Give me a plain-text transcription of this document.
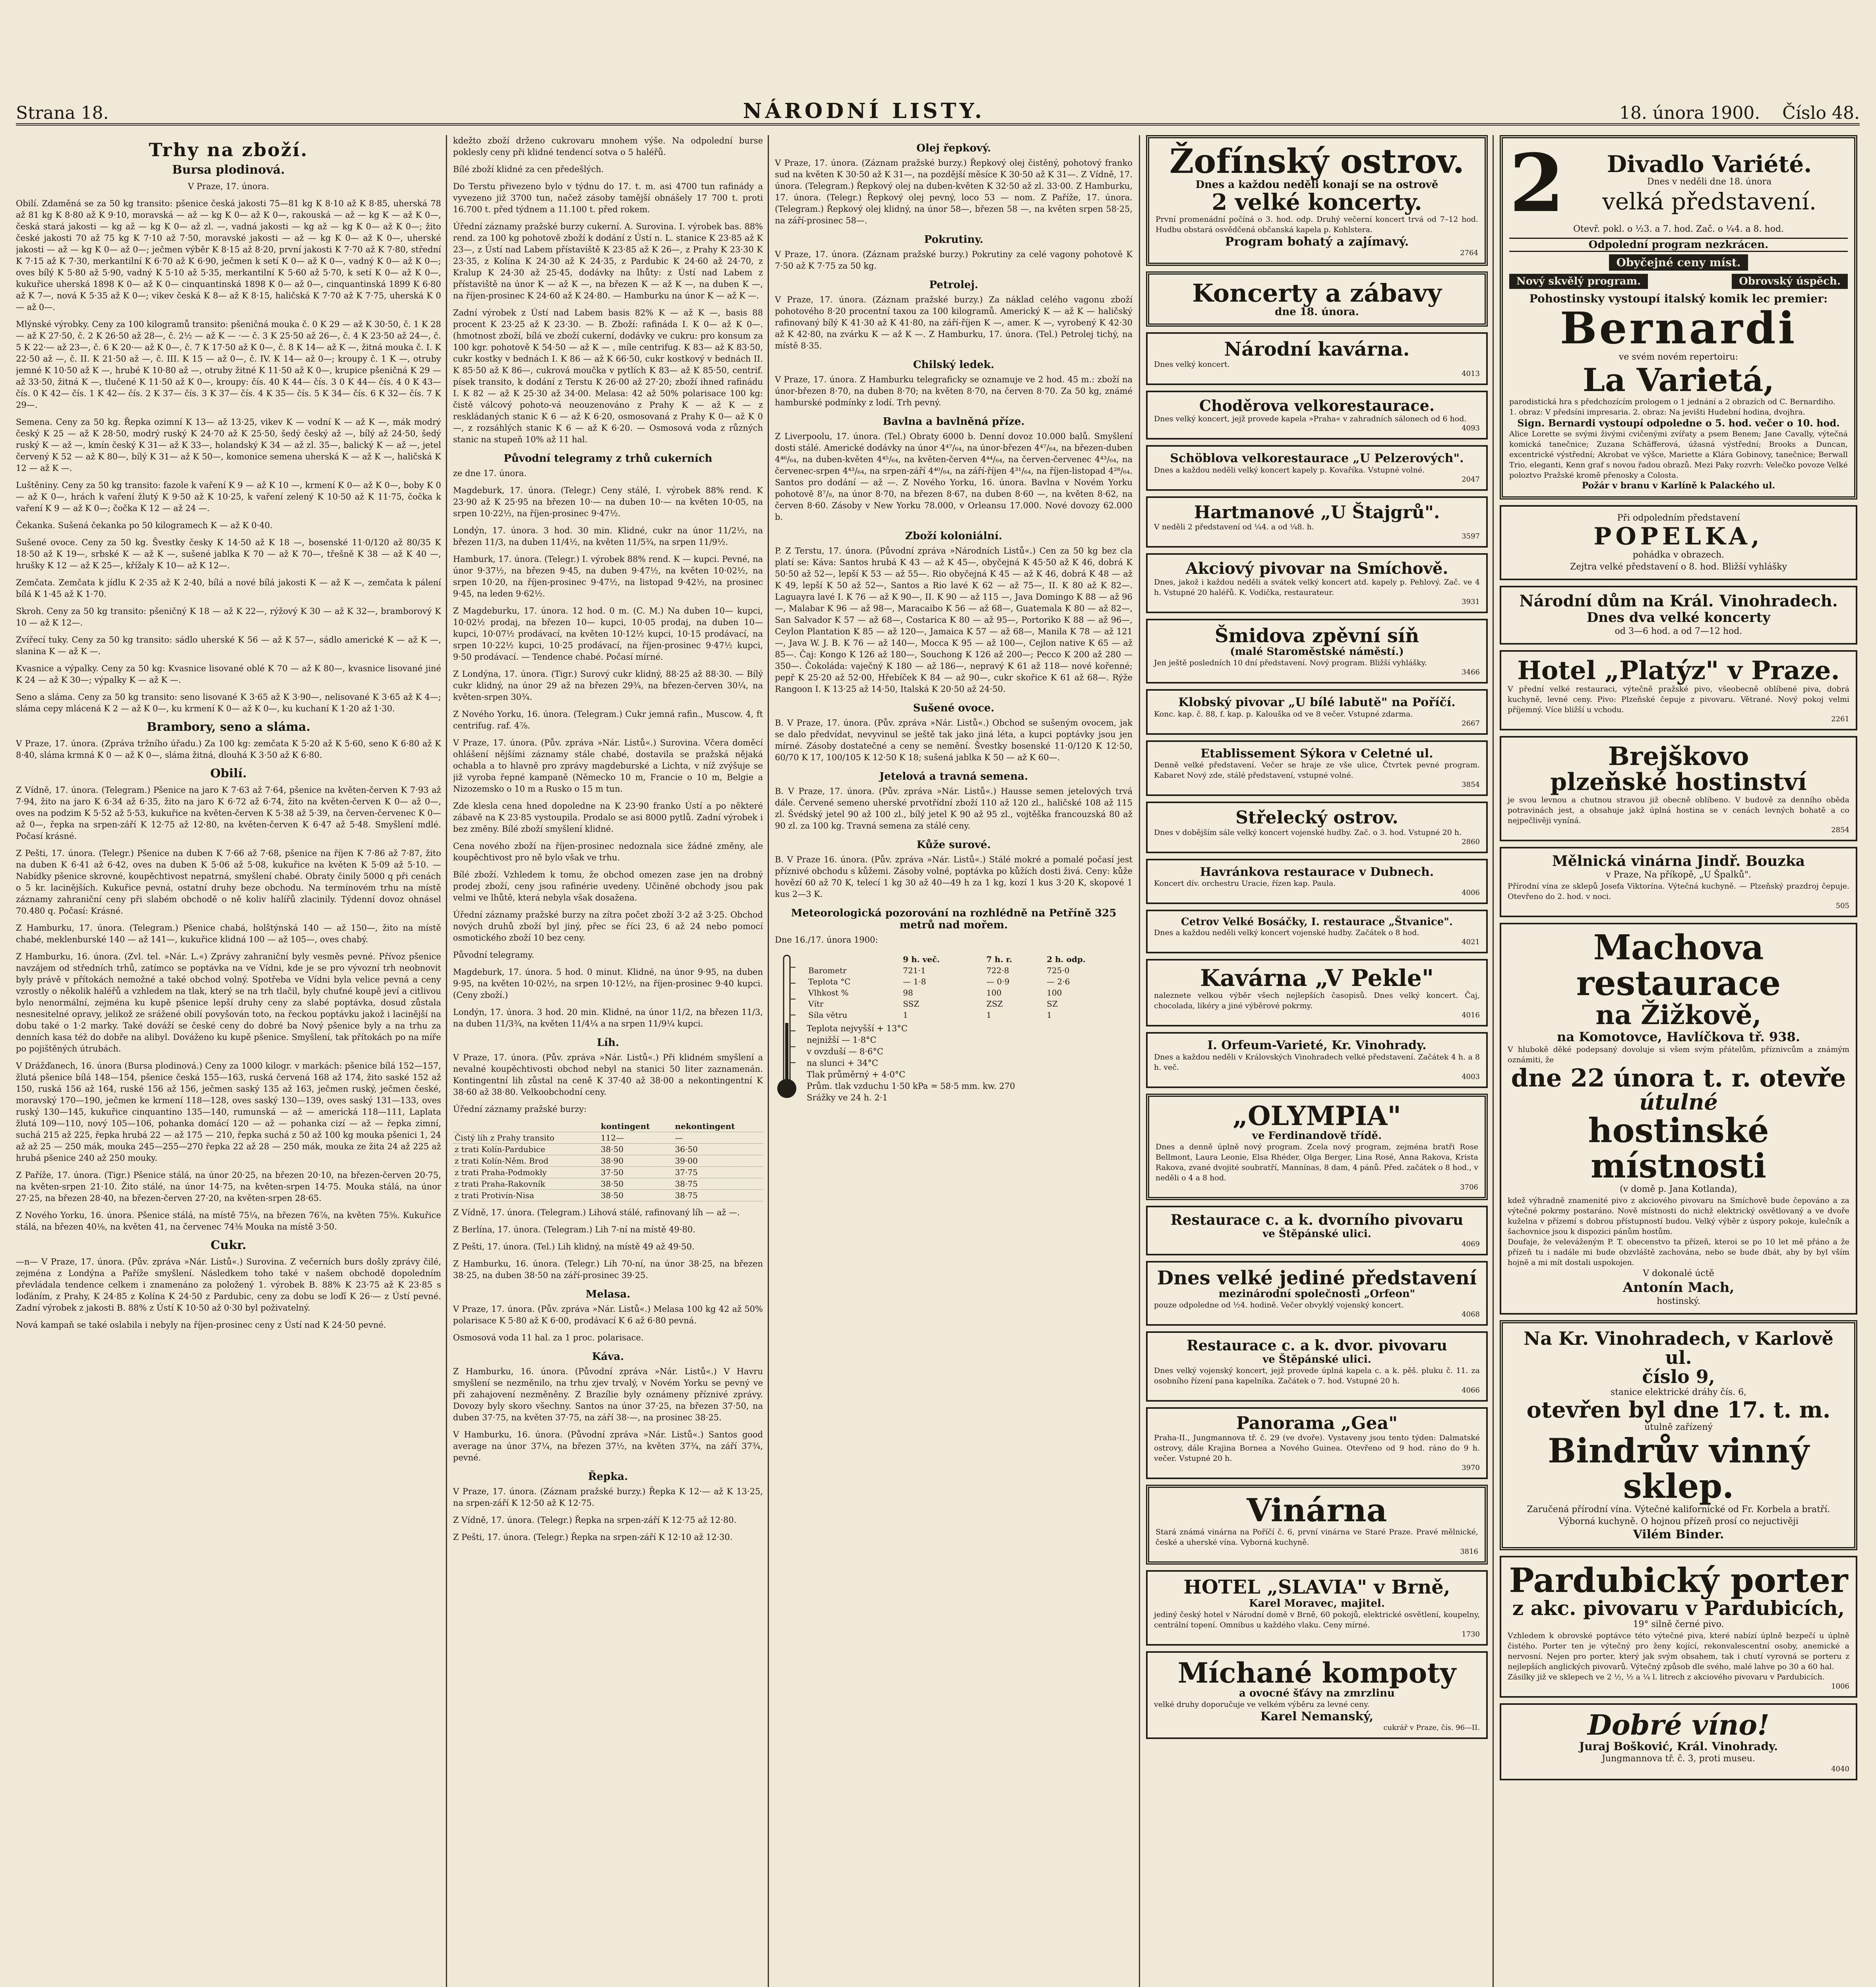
Strana 18.	NÁRODNÍ LISTY.	18. února 1900. Číslo 48.
Trhy na zboží.
Bursa plodinová.
V Praze, 17. února.
Obilí. Zdaměná se za 50 kg transito: pšenice česká jakosti 75—81 kg K 8·10 až K 8·85, uherská 78 až 81 kg K 8·80 až K 9·10, moravská — až — kg K 0— až K 0—, rakouská — až — kg K — až K 0—, česká stará jakosti — kg až — kg K 0— až zl. —, vadná jakosti — kg až — kg K 0— až K 0—; žito české jakosti 70 až 75 kg K 7·10 až 7·50, moravské jakosti — až — kg K 0— až K 0—, uherské jakosti — až — kg K 0— až 0—; ječmen výběr K 8·15 až 8·20, první jakosti K 7·70 až K 7·80, střední K 7·15 až K 7·30, merkantilní K 6·70 až K 6·90, ječmen k setí K 0— až K 0—, vadný K 0— až K 0—; oves bílý K 5·80 až 5·90, vadný K 5·10 až 5·35, merkantilní K 5·60 až 5·70, k setí K 0— až K 0—, kukuřice uherská 1898 K 0— až K 0— cinquantinská 1898 K 0— až 0—, cinquantinská 1899 K 6·80 až K 7—, nová K 5·35 až K 0—; vikev česká K 8— až K 8·15, haličská K 7·70 až K 7·75, uherská K 0— až 0—.
Mlýnské výrobky. Ceny za 100 kilogramů transito: pšeničná mouka č. 0 K 29 — až K 30·50, č. 1 K 28 — až K 27·50, č. 2 K 26·50 až 28—, č. 2½ — až K — ·— č. 3 K 25·50 až 26—, č. 4 K 23·50 až 24—, č. 5 K 22·— až 23—, č. 6 K 20·— až K 0—, č. 7 K 17·50 až K 0—, č. 8 K 14— až K —, žitná mouka č. I. K 22·50 až —, č. II. K 21·50 až —, č. III. K 15 — až 0—, č. IV. K 14— až 0—; kroupy č. 1 K —, otruby jemné K 10·50 až K —, hrubé K 10·80 až —, otruby žitné K 11·50 až K 0—, krupice pšeničná K 29 — až 33·50, žitná K —, tlučené K 11·50 až K 0—, kroupy: čís. 40 K 44— čís. 3 0 K 44— čís. 4 0 K 43— čís. 0 K 42— čís. 1 K 42— čís. 2 K 37— čís. 3 K 37— čís. 4 K 35— čís. 5 K 34— čís. 6 K 32— čís. 7 K 29—.
Semena. Ceny za 50 kg. Řepka ozimní K 13— až 13·25, vikev K — vodní K — až K —, mák modrý český K 25 — až K 28·50, modrý ruský K 24·70 až K 25·50, šedý český až —, bílý až 24·50, šedý ruský K — až —, kmín český K 31— až K 33—, holandský K 34 — až zl. 35—, balický K — až —, jetel červený K 52 — až K 80—, bílý K 31— až K 50—, komonice semena uherská K — až K —, haličská K 12 — až K —.
Luštěniny. Ceny za 50 kg transito: fazole k vaření K 9 — až K 10 —, krmení K 0— až K 0—, boby K 0— až K 0—, hrách k vaření žlutý K 9·50 až K 10·25, k vaření zelený K 10·50 až K 11·75, čočka k vaření K 9 — až K 0—; čočka K 12 — až 24 —.
Čekanka. Sušená čekanka po 50 kilogramech K — až K 0·40.
Sušené ovoce. Ceny za 50 kg. Švestky česky K 14·50 až K 18 —, bosenské 11·0/120 až 80/35 K 18·50 až K 19—, srbské K — až K —, sušené jablka K 70 — až K 70—, třešně K 38 — až K 40 —, hrušky K 12 — až K 25—, křížaly K 10— až K 12—.
Zemčata. Zemčata k jídlu K 2·35 až K 2·40, bílá a nové bílá jakosti K — až K —, zemčata k pálení bílá K 1·45 až K 1·70.
Skroh. Ceny za 50 kg transito: pšeničný K 18 — až K 22—, rýžový K 30 — až K 32—, bramborový K 10 — až K 12—.
Zvířecí tuky. Ceny za 50 kg transito: sádlo uherské K 56 — až K 57—, sádlo americké K — až K —, slanina K — až K —.
Kvasnice a výpalky. Ceny za 50 kg: Kvasnice lisované oblé K 70 — až K 80—, kvasnice lisované jiné K 24 — až K 30—; výpalky K — až K —.
Seno a sláma. Ceny za 50 kg transito: seno lisované K 3·65 až K 3·90—, nelisované K 3·65 až K 4—; sláma cepy mlácená K 2 — až K 0—, ku krmení K 0— až K 0—, ku kuchaní K 1·20 až 1·30.
Brambory, seno a sláma.
V Praze, 17. února. (Zpráva tržního úřadu.) Za 100 kg: zemčata K 5·20 až K 5·60, seno K 6·80 až K 8·40, sláma krmná K 0 — až K 0—, sláma žitná, dlouhá K 3·50 až K 6·80.
Obilí.
Z Vídně, 17. února. (Telegram.) Pšenice na jaro K 7·63 až 7·64, pšenice na květen-červen K 7·93 až 7·94, žito na jaro K 6·34 až 6·35, žito na jaro K 6·72 až 6·74, žito na květen-červen K 0— až 0—, oves na podzim K 5·52 až 5·53, kukuřice na květen-červen K 5·38 až 5·39, na červen-červenec K 0— až 0—, řepka na srpen-září K 12·75 až 12·80, na květen-červen K 6·47 až 5·48. Smyšlení mdlé. Počasí krásné.
Z Pešti, 17. února. (Telegr.) Pšenice na duben K 7·66 až 7·68, pšenice na říjen K 7·86 až 7·87, žito na duben K 6·41 až 6·42, oves na duben K 5·06 až 5·08, kukuřice na květen K 5·09 až 5·10. — Nabídky pšenice skrovné, koupěchtivost nepatrná, smyšlení chabé. Obraty činily 5000 q při cenách o 5 kr. lacinějších. Kukuřice pevná, ostatní druhy beze obchodu. Na termínovém trhu na místě záznamy zahraniční ceny při slabém obchodě o ně koliv halířů zlacinily. Týdenní dovoz ohnásel 70.480 q. Počasí: Krásné.
Z Hamburku, 17. února. (Telegram.) Pšenice chabá, holštýnská 140 — až 150—, žito na místě chabé, meklenburské 140 — až 141—, kukuřice klidná 100 — až 105—, oves chabý.
Z Hamburku, 16. února. (Zvl. tel. »Nár. L.«) Zprávy zahraniční byly vesměs pevné. Přívoz pšenice navzájem od středních trhů, zatímco se poptávka na ve Vídni, kde je se pro vývozní trh neobnovit byly právě v přítokách nemožné a také obchod volný. Spotřeba ve Vídni byla velice pevná a ceny vzrostly o několik haléřů a vzhledem na tlak, který se na trh tlačil, byly chuťné koupě jeví a citlivou bylo nenormální, zejména ku kupě pšenice lepší druhy ceny za slabé poptávka, dosud zůstala nesnesitelné opravy, jelikož ze srážené obilí povyšován toto, na řeckou poptávku jakož i lacinější na dobu také o 1·2 marky. Také dováží se české ceny do dobré ba Nový pšenice byly a na trhu za denních kasa též do dobře na alibyl. Dováženo ku kupě pšenice. Smyšlení, tak přítokách po na míře po pojištěných útrubách.
V Drážďanech, 16. února (Bursa plodinová.) Ceny za 1000 kilogr. v markách: pšenice bílá 152—157, žlutá pšenice bílá 148—154, pšenice česká 155—163, ruská červená 168 až 174, žito saské 152 až 150, ruská 156 až 164, ruské 156 až 156, ječmen saský 135 až 163, ječmen ruský, ječmen české, moravský 170—190, ječmen ke krmení 118—128, oves saský 130—139, oves saský 131—133, oves ruský 130—145, kukuřice cinquantino 135—140, rumunská — až — americká 118—111, Laplata žlutá 109—110, nový 105—106, pohanka domácí 120 — až — pohanka cizí — až — řepka zimní, suchá 215 až 225, řepka hrubá 22 — až 175 — 210, řepka suchá z 50 až 100 kg mouka pšenici 1, 24 až až 25 — 250 mák, mouka 245—255—270 řepka 22 až 28 — 250 mák, mouka ze žita 24 až 225 až hrubá pšenice 240 až 250 mouky.
Z Paříže, 17. února. (Tigr.) Pšenice stálá, na únor 20·25, na březen 20·10, na březen-červen 20·75, na květen-srpen 21·10. Žito stálé, na únor 14·75, na květen-srpen 14·75. Mouka stálá, na únor 27·25, na březen 28·40, na březen-červen 27·20, na květen-srpen 28·65.
Z Nového Yorku, 16. února. Pšenice stálá, na místě 75¼, na březen 76⅞, na květen 75⅝. Kukuřice stálá, na březen 40⅛, na květen 41, na červenec 74⅜ Mouka na místě 3·50.
Cukr.
—n— V Praze, 17. února. (Pův. zpráva »Nár. Listů«.) Surovina. Z večerních burs došly zprávy čilé, zejména z Londýna a Paříže smyšlení. Následkem toho také v našem obchodě dopoledním převládala tendence celkem i znamenáno za položený 1. výrobek B. 88% K 23·75 až K 23·85 s loďáním, z Prahy, K 24·85 z Kolína K 24·50 z Pardubic, ceny za dobu se loďí K 26·— z Ústí pevné. Zadní výrobek z jakosti B. 88% z Ústí K 10·50 až 0·30 byl poživatelný.
Nová kampaň se také oslabila i nebyly na říjen-prosinec ceny z Ústí nad K 24·50 pevné.
kdežto zboží drženo cukrovaru mnohem výše. Na odpolední burse poklesly ceny při klidné tendencí sotva o 5 haléřů.
Bílé zboží klidné za cen předešlých.
Do Terstu přivezeno bylo v týdnu do 17. t. m. asi 4700 tun rafinády a vyvezeno již 3700 tun, načež zásoby tamější obnášely 17 700 t. proti 16.700 t. před týdnem a 11.100 t. před rokem.
Úřední záznamy pražské burzy cukerní. A. Surovina. I. výrobek bas. 88% rend. za 100 kg pohotově zboží k dodání z Ústí n. L. stanice K 23·85 až K 23—, z Ústí nad Labem přístaviště K 23·85 až K 26—, z Prahy K 23·30 K 23·35, z Kolína K 24·30 až K 24·35, z Pardubic K 24·60 až 24·70, z Kralup K 24·30 až 25·45, dodávky na lhůty: z Ústí nad Labem z přístaviště na únor K — až K —, na březen K — až K —, na duben K —, na říjen-prosinec K 24·60 až K 24·80. — Hamburku na únor K — až K —.
Zadní výrobek z Ústí nad Labem basis 82% K — až K —, basis 88 procent K 23·25 až K 23·30. — B. Zboží: rafináda I. K 0— až K 0—. (hmotnost zboží, bílá ve zboží cukerní, dodávky ve cukru: pro konsum za 100 kgr. pohotově K 54·50 — až K — , míle centrifug. K 83— až K 83·50, cukr kostky v bednách I. K 86 — až K 66·50, cukr kostkový v bednách II. K 85·50 až K 86—, cukrová moučka v pytlích K 83— až K 85·50, centrif. písek transito, k dodání z Terstu K 26·00 až 27·20; zboží ihned rafinádu I. K 82 — až K 25·30 až 34·00. Melasa: 42 až 50% polarisace 100 kg: čistě válcový pohoto-vá neouzenováno z Prahy K — až K — z reskládaných stanic K 6 — až K 6·20, osmosovaná z Prahy K 0— až K 0—, z rozsáhlých stanic K 6 — až K 6·20. — Osmosová voda z různých stanic na stupeň 10% až 11 hal.
Původní telegramy z trhů cukerních
ze dne 17. února.
Magdeburk, 17. února. (Telegr.) Ceny stálé, I. výrobek 88% rend. K 23·90 až K 25·95 na březen 10·— na duben 10·— na květen 10·05, na srpen 10·22½, na říjen-prosinec 9·47½.
Londýn, 17. února. 3 hod. 30 min. Klidné, cukr na únor 11/2½, na březen 11/3, na duben 11/4½, na květen 11/5¾, na srpen 11/9½.
Hamburk, 17. února. (Telegr.) I. výrobek 88% rend. K — kupci. Pevné, na únor 9·37½, na březen 9·45, na duben 9·47½, na květen 10·02½, na srpen 10·20, na říjen-prosinec 9·47½, na listopad 9·42½, na prosinec 9·45, na leden 9·62½.
Z Magdeburku, 17. února. 12 hod. 0 m. (C. M.) Na duben 10— kupci, 10·02½ prodaj, na březen 10— kupci, 10·05 prodaj, na duben 10— kupci, 10·07½ prodávací, na květen 10·12½ kupci, 10·15 prodávací, na srpen 10·22½ kupci, 10·25 prodávací, na říjen-prosinec 9·47½ kupci, 9·50 prodávací. — Tendence chabé. Počasí mírné.
Z Londýna, 17. února. (Tigr.) Surový cukr klidný, 88·25 až 88·30. — Bílý cukr klidný, na únor 29 až na březen 29¾, na březen-červen 30¼, na květen-srpen 30¾.
Z Nového Yorku, 16. února. (Telegram.) Cukr jemná rafin., Muscow. 4, ft centrifug. raf. 4⅞.
V Praze, 17. února. (Pův. zpráva »Nár. Listů«.) Surovina. Včera doměcí ohlášení nějšími záznamy stále chabé, dostavila se pražská nějaká ochabla a to hlavně pro zprávy magdeburské a Lichta, v níž zvýšuje se již vyroba řepné kampaně (Německo 10 m, Francie o 10 m, Belgie a Nizozemsko o 10 m a Rusko o 15 m tun.
Zde klesla cena hned dopoledne na K 23·90 franko Ústí a po některé zábavě na K 23·85 vystoupila. Prodalo se asi 8000 pytlů. Zadní výrobek i bez změny. Bílé zboží smyšlení klidné.
Cena nového zboží na říjen-prosinec nedoznala sice žádné změny, ale koupěchtivost pro ně bylo však ve trhu.
Bílé zboží. Vzhledem k tomu, že obchod omezen zase jen na drobný prodej zboží, ceny jsou rafinérie uvedeny. Učiněné obchody jsou pak velmi ve lhůtě, která nebyla však dosažena.
Úřední záznamy pražské burzy na zítra počet zboží 3·2 až 3·25. Obchod nových druhů zboží byl jiný, přec se říci 23, 6 až 24 nebo pomocí osmotického zboží 10 bez ceny.
Původní telegramy.
Magdeburk, 17. února. 5 hod. 0 minut. Klidné, na únor 9·95, na duben 9·95, na květen 10·02½, na srpen 10·12½, na říjen-prosinec 9·40 kupci. (Ceny zboží.)
Londýn, 17. února. 3 hod. 20 min. Klidné, na únor 11/2, na březen 11/3, na duben 11/3¾, na květen 11/4¼ a na srpen 11/9¼ kupci.
Líh.
V Praze, 17. února. (Pův. zpráva »Nár. Listů«.) Při klidném smyšlení a nevalné koupěchtivosti obchod nebyl na stanici 50 liter zaznamenán. Kontingentní lih zůstal na ceně K 37·40 až 38·00 a nekontingentní K 38·60 až 38·80. Velkoobchodní ceny.
Úřední záznamy pražské burzy:
	kontingent	nekontingent
Čistý líh z Prahy transito	112—	—
z trati Kolín-Pardubice	38·50	36·50
z trati Kolín-Něm. Brod	38·90	39·00
z trati Praha-Podmokly	37·50	37·75
z trati Praha-Rakovník	38·50	38·75
z trati Protivín-Nisa	38·50	38·75
Z Vídně, 17. února. (Telegram.) Lihová stálé, rafinovaný líh — až —.
Z Berlína, 17. února. (Telegram.) Lih 7-ní na místě 49·80.
Z Pešti, 17. února. (Tel.) Lih klidný, na místě 49 až 49·50.
Z Hamburku, 16. února. (Telegr.) Lih 70-ní, na únor 38·25, na březen 38·25, na duben 38·50 na září-prosinec 39·25.
Melasa.
V Praze, 17. února. (Pův. zpráva »Nár. Listů«.) Melasa 100 kg 42 až 50% polarisace K 5·80 až K 6·00, prodávací K 6 až 6·80 pevná.
Osmosová voda 11 hal. za 1 proc. polarisace.
Káva.
Z Hamburku, 16. února. (Původní zpráva »Nár. Listů«.) V Havru smyšlení se nezměnilo, na trhu zjev trvalý, v Novém Yorku se pevný ve při zahajovení nezměněny. Z Brazílie byly oznámeny příznivé zprávy. Dovozy byly skoro všechny. Santos na únor 37·25, na březen 37·50, na duben 37·75, na květen 37·75, na září 38·—, na prosinec 38·25.
V Hamburku, 16. února. (Původní zpráva »Nár. Listů«.) Santos good average na únor 37¼, na březen 37½, na květen 37¾, na září 37¾, pevné.
Řepka.
V Praze, 17. února. (Záznam pražské burzy.) Řepka K 12·— až K 13·25, na srpen-září K 12·50 až K 12·75.
Z Vídně, 17. února. (Telegr.) Řepka na srpen-září K 12·75 až 12·80.
Z Pešti, 17. února. (Telegr.) Řepka na srpen-září K 12·10 až 12·30.
Olej řepkový.
V Praze, 17. února. (Záznam pražské burzy.) Řepkový olej čistěný, pohotový franko sud na květen K 30·50 až K 31—, na pozdější měsíce K 30·50 až K 31—. Z Vídně, 17. února. (Telegram.) Řepkový olej na duben-květen K 32·50 až zl. 33·00. Z Hamburku, 17. února. (Telegr.) Řepkový olej pevný, loco 53 — nom. Z Paříže, 17. února. (Telegram.) Řepkový olej klidný, na únor 58—, březen 58 —, na květen srpen 58·25, na září-prosinec 58—.
Pokrutiny.
V Praze, 17. února. (Záznam pražské burzy.) Pokrutiny za celé vagony pohotově K 7·50 až K 7·75 za 50 kg.
Petrolej.
V Praze, 17. února. (Záznam pražské burzy.) Za náklad celého vagonu zboží pohotového 8·20 procentní taxou za 100 kilogramů. Americký K — až K — haličský rafinovaný bílý K 41·30 až K 41·80, na září-říjen K —, amer. K —, vyrobený K 42·30 až K 42·80, na zvárku K — až K —. Z Hamburku, 17. února. (Tel.) Petrolej tichý, na místě 8·35.
Chilský ledek.
V Praze, 17. února. Z Hamburku telegraficky se oznamuje ve 2 hod. 45 m.: zboží na únor-březen 8·70, na duben 8·70; na květen 8·70, na červen 8·70. Za 50 kg, známé hamburské podmínky z lodí. Trh pevný.
Bavlna a bavlněná příze.
Z Liverpoolu, 17. února. (Tel.) Obraty 6000 b. Denní dovoz 10.000 balů. Smyšlení dosti stálé. Americké dodávky na únor 4⁴⁷/₆₄, na únor-březen 4⁴⁷/₆₄, na březen-duben 4⁴⁶/₆₄, na duben-květen 4⁴⁵/₆₄, na květen-červen 4⁴⁴/₆₄, na červen-červenec 4⁴³/₆₄, na červenec-srpen 4⁴³/₆₄, na srpen-září 4⁴⁰/₆₄, na září-říjen 4³¹/₆₄, na říjen-listopad 4²⁸/₆₄. Santos pro dodání — až —. Z Nového Yorku, 16. února. Bavlna v Novém Yorku pohotově 8⁷/₈, na únor 8·70, na březen 8·67, na duben 8·60 —, na květen 8·62, na červen 8·60. Zásoby v New Yorku 78.000, v Orleansu 17.000. Nové dovozy 62.000 b.
Zboží koloniální.
P. Z Terstu, 17. února. (Původní zpráva »Národních Listů«.) Cen za 50 kg bez cla platí se: Káva: Santos hrubá K 43 — až K 45—, obyčejná K 45·50 až K 46, dobrá K 50·50 až 52—, lepší K 53 — až 55—. Rio obyčejná K 45 — až K 46, dobrá K 48 — až K 49, lepší K 50 až 52—, Santos a Rio lavé K 62 — až 75—, II. K 80 až K 82—. Laguayra lavé I. K 76 — až K 90—, II. K 90 — až 115 —, Java Domingo K 88 — až 96—, Malabar K 96 — až 98—, Maracaibo K 56 — až 68—, Guatemala K 80 — až 82—, San Salvador K 57 — až 68—, Costarica K 80 — až 95—, Portoriko K 88 — až 96—, Ceylon Plantation K 85 — až 120—, Jamaica K 57 — až 68—, Manila K 78 — až 121—, Java W. J. B. K 76 — až 140—, Mocca K 95 — až 100—, Cejlon native K 65 — až 85—. Čaj: Kongo K 126 až 180—, Souchong K 126 až 200—; Pecco K 200 až 280 — 350—. Čokoláda: vaječný K 180 — až 186—, nepravý K 61 až 118— nové kořenné; pepř K 25·20 až 52·00, Hřebíček K 84 — až 90—, cukr skořice K 61 až 68—. Rýže Rangoon I. K 13·25 až 14·50, Italská K 20·50 až 24·50.
Sušené ovoce.
B. V Praze, 17. února. (Pův. zpráva »Nár. Listů«.) Obchod se sušeným ovocem, jak se dalo předvídat, nevyvinul se ještě tak jako jiná léta, a kupci poptávky jsou jen mírné. Zásoby dostatečné a ceny se nemění. Švestky bosenské 11·0/120 K 12·50, 60/70 K 17, 100/105 K 12·50 K 18; sušená jablka K 50 — až K 60—.
Jetelová a travná semena.
B. V Praze, 17. února. (Pův. zpráva »Nár. Listů«.) Hausse semen jetelových trvá dále. Červené semeno uherské prvotřídní zboží 110 až 120 zl., haličské 108 až 115 zl. Švédský jetel 90 až 100 zl., bílý jetel K 90 až 95 zl., vojtěška francouzská 80 až 90 zl. za 100 kg. Travná semena za stálé ceny.
Kůže surové.
B. V Praze 16. února. (Pův. zpráva »Nár. Listů«.) Stálé mokré a pomalé počasí jest příznivé obchodu s kůžemi. Zásoby volné, poptávka po kůžích dosti živá. Ceny: kůže hovězí 60 až 70 K, telecí 1 kg 30 až 40—49 h za 1 kg, kozí 1 kus 3·20 K, skopové 1 kus 2—3 K.
Meteorologická pozorování na rozhlédně na Petříně 325 metrů nad mořem.
Dne 16./17. února 1900:
	9 h. več.	7 h. r.	2 h. odp.
Barometr	721·1	722·8	725·0
Teplota °C	— 1·8	— 0·9	— 2·6
Vlhkost %	98	100	100
Vítr	SSZ	ZSZ	SZ
Síla větru	1	1	1
Teplota nejvyšší + 13°C
nejnižší — 1·8°C
v ovzduší — 8·6°C
na slunci + 34°C
Tlak průměrný + 4·0°C
Prům. tlak vzduchu 1·50 kPa = 58·5 mm. kw. 270
Srážky ve 24 h. 2·1
Žofínský ostrov.
Dnes a každou neděli konají se na ostrově
2 velké koncerty.
První promenádní počíná o 3. hod. odp. Druhý večerní koncert trvá od 7–12 hod. Hudbu obstará osvědčená občanská kapela p. Kohlstera.
Program bohatý a zajímavý.
2764
Koncerty a zábavy
dne 18. února.
Národní kavárna.
Dnes velký koncert.
4013
Choděrova velkorestaurace.
Dnes velký koncert, jejž provede kapela »Praha« v zahradních sálonech od 6 hod.
4093
Schöblova velkorestaurace „U Pelzerových".
Dnes a každou neděli velký koncert kapely p. Kovaříka. Vstupné volné.
2047
Hartmanové „U Štajgrů".
V neděli 2 představení od ¼4. a od ¼8. h.
3597
Akciový pivovar na Smíchově.
Dnes, jakož i každou neděli a svátek velký koncert atd. kapely p. Pehlový. Zač. ve 4 h. Vstupné 20 haléřů. K. Vodička, restaurateur.
3931
Šmidova zpěvní síň
(malé Staroměstské náměstí.)
Jen ještě posledních 10 dní představení. Nový program. Bližší vyhlášky.
3466
Klobský pivovar „U bílé labutě" na Poříčí.
Konc. kap. č. 88, f. kap. p. Kalouška od ve 8 večer. Vstupné zdarma.
2667
Etablissement Sýkora v Celetné ul.
Denně velké představení. Večer se hraje ze vše ulice, Čtvrtek pevné program. Kabaret Nový zde, stálé představení, vstupné volné.
3854
Střelecký ostrov.
Dnes v dobějším sále velký koncert vojenské hudby. Zač. o 3. hod. Vstupné 20 h.
2860
Havránkova restaurace v Dubnech.
Koncert dív. orchestru Uracie, řízen kap. Paula.
4006
Cetrov Velké Bosáčky, I. restaurace „Štvanice".
Dnes a každou neděli velký koncert vojenské hudby. Začátek o 8 hod.
4021
Kavárna „V Pekle"
naleznete velkou výběr všech nejlepších časopisů. Dnes velký koncert. Čaj, chocolada, likéry a jiné výběrové pokrmy.
4016
I. Orfeum-Varieté, Kr. Vinohrady.
Dnes a každou neděli v Královských Vinohradech velké představení. Začátek 4 h. a 8 h. več.
4003
„OLYMPIA"
ve Ferdinandově třídě.
Dnes a denně úplně nový program. Zcela nový program, zejména bratři Rose Bellmont, Laura Leonie, Elsa Rhéder, Olga Berger, Lina Rosé, Anna Rakova, Krista Rakova, zvané dvojité soubratří, Mannínas, 8 dam, 4 pánů. Před. začátek o 8 hod., v neděli o 4 a 8 hod.
3706
Restaurace c. a k. dvorního pivovaru
ve Štěpánské ulici.
4069
Dnes velké jediné představení
mezinárodní společnosti „Orfeon"
pouze odpoledne od ½4. hodině. Večer obvyklý vojenský koncert.
4068
Restaurace c. a k. dvor. pivovaru
ve Štěpánské ulici.
Dnes velký vojenský koncert, jejž provede úplná kapela c. a k. pěš. pluku č. 11. za osobního řízení pana kapelníka. Začátek o 7. hod. Vstupné 20 h.
4066
Panorama „Gea"
Praha-II., Jungmannova tř. č. 29 (ve dvoře). Vystaveny jsou tento týden: Dalmatské ostrovy, dále Krajina Bornea a Nového Guinea. Otevřeno od 9 hod. ráno do 9 h. večer. Vstupné 20 h.
3970
Vinárna
Stará známá vinárna na Poříčí č. 6, první vinárna ve Staré Praze. Pravé mělnické, české a uherské vína. Vyborná kuchyně.
3816
HOTEL „SLAVIA" v Brně,
Karel Moravec, majitel.
jediný český hotel v Národní domě v Brně, 60 pokojů, elektrické osvětlení, koupelny, centrální topení. Omnibus u každého vlaku. Ceny mírné.
1730
Míchané kompoty
a ovocné šťávy na zmrzlinu
velké druhy doporučuje ve velkém výběru za levné ceny.
Karel Nemanský,
cukrář v Praze, čís. 96—II.
2	Divadlo Variété.
Dnes v neděli dne 18. února
velká představení.
Otevř. pokl. o ½3. a 7. hod. Zač. o ¼4. a 8. hod.
Odpolední program nezkrácen.
Obyčejné ceny míst.
Nový skvělý program.	Obrovský úspěch.
Pohostinsky vystoupí italský komik lec premier:
Bernardi
ve svém novém repertoiru:
La Varietá,
parodistická hra s předchozícím prologem o 1 jednání a 2 obrazích od C. Bernardiho.
1. obraz: V předsíni impresaria. 2. obraz: Na jevišti Hudební hodina, dvojhra.
Sign. Bernardi vystoupí odpoledne o 5. hod. večer o 10. hod.
Alice Lorette se svými živými cvičenými zvířaty a psem Benem; Jane Cavally, výtečná komická tanečnice; Zuzana Schäfferová, úžasná výstřední; Brooks a Duncan, excentrické výstřední; Akrobat ve výšce, Mariette a Klára Gobinovy, tanečnice; Berwall Trio, eleganti, Kenn graf s novou řadou obrazů. Mezi Paky rozvrh: Velečko povoze Velké poloztvo Pražské kromě přenosky a Colosta.
Požár v branu v Karlíně k Palackého ul.
Při odpoledním představení
POPELKA,
pohádka v obrazech.
Zejtra velké představení o 8. hod. Bližší vyhlášky
Národní dům na Král. Vinohradech.
Dnes dva velké koncerty
od 3—6 hod. a od 7—12 hod.
Hotel „Platýz" v Praze.
V přední velké restauraci, výtečně pražské pivo, všeobecně oblíbené piva, dobrá kuchyně, levné ceny. Pivo: Plzeňské čepuje z pivovaru. Větrané. Nový pokoj velmi příjemný. Více bližší u vchodu.
2261
Brejškovo
plzeňské hostinství
je svou levnou a chutnou stravou již obecně oblíbeno. V budově za denního oběda potravinách jest, a obsahuje jakž úplná hostina se v cenách levných bohatě a co nejpečlivěji vyníná.
2854
Mělnická vinárna Jindř. Bouzka
v Praze, Na příkopě, „U Špalků".
Přírodní vína ze sklepů Josefa Viktorína. Výtečná kuchyně. — Plzeňský prazdroj čepuje. Otevřeno do 2. hod. v noci.
505
Machova restaurace
na Žižkově,
na Komotovce, Havlíčkova tř. 938.
V hlubokě děké podepsaný dovoluje si všem svým přátelům, příznivcům a známým oznámiti, že
dne 22 února t. r. otevře
útulné
hostinské místnosti
(v domě p. Jana Kotlanda),
kdež výhradně znamenité pivo z akciového pivovaru na Smíchově bude čepováno a za výtečné pokrmy postaráno. Nově místnosti do nichž elektrický osvětlovaný a ve dvoře kuželna v přízemí s dobrou přístupností budou. Velký výběr z úspory pokoje, kulečník a šachovnice jsou k dispozici pánům hostům.
Doufaje, že veleváženým P. T. obecenstvo ta přízeň, kteroi se po 10 let mě přáno a že přízeň tu i nadále mi bude obzvláště zachována, nebo se bude dbát, aby by byl vším hojně a mi mít dostali uspokojen.
V dokonalé úctě
Antonín Mach,
hostinský.
Na Kr. Vinohradech, v Karlově ul.
číslo 9,
stanice elektrické dráhy čís. 6,
otevřen byl dne 17. t. m.
útulně zařízený
Bindrův vinný sklep.
Zaručená přírodní vína. Výtečné kalifornické od Fr. Korbela a bratří.
Výborná kuchyně. O hojnou přízeň prosí co nejuctivěji
Vilém Binder.
Pardubický porter
z akc. pivovaru v Pardubicích,
19° silně černé pivo.
Vzhledem k obrovské poptávce této výtečné piva, které nabízí úplně bezpečí u úplně čistého. Porter ten je výtečný pro ženy kojící, rekonvalescentní osoby, anemické a nervosní. Nejen pro porter, který jak svým obsahem, tak i chutí vyrovná se porteru z nejlepších anglických pivovarů. Výtečný způsob dle svého, malé lahve po 30 a 60 hal.
Zásilky již ve sklepech ve 2 ½, ½ a ¼ l. litrech z akciového pivovaru v Pardubicích.
1006
Dobré víno!
Juraj Bošković, Král. Vinohrady.
Jungmannova tř. č. 3, proti museu.
4040
